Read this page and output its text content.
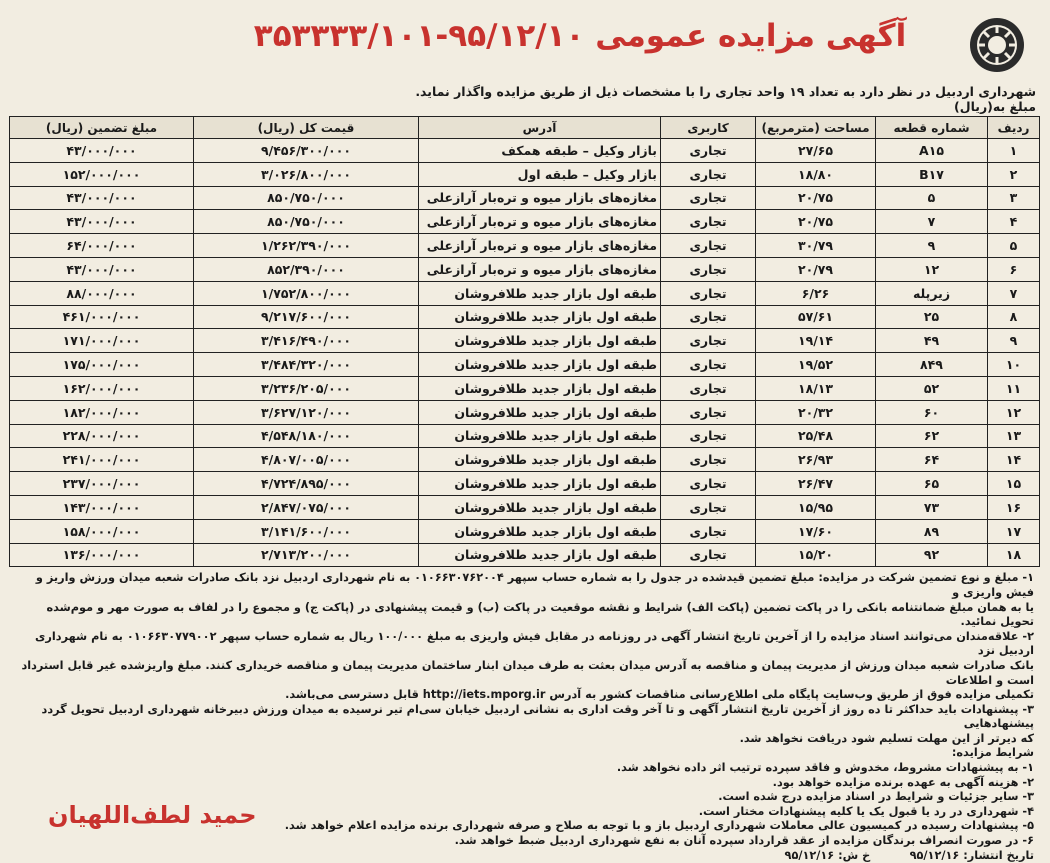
آگهی مزایده عمومی ۹۵/۱۲/۱۰-۳۵۳۳۳۳/۱۰۱
شهرداری اردبیل در نظر دارد به تعداد ۱۹ واحد تجاری را با مشخصات ذیل از طریق مزایده واگذار نماید.
مبلغ به(ریال)
ردیف	شماره قطعه	مساحت (مترمربع)	کاربری	آدرس	قیمت کل (ریال)	مبلغ تضمین (ریال)
۱	A۱۵	۲۷/۶۵	تجاری	بازار وکیل – طبقه همکف	۹/۴۵۶/۳۰۰/۰۰۰	۴۳/۰۰۰/۰۰۰
۲	B۱۷	۱۸/۸۰	تجاری	بازار وکیل – طبقه اول	۳/۰۲۶/۸۰۰/۰۰۰	۱۵۲/۰۰۰/۰۰۰
۳	۵	۲۰/۷۵	تجاری	مغازه‌های بازار میوه و تره‌بار آرازعلی	۸۵۰/۷۵۰/۰۰۰	۴۳/۰۰۰/۰۰۰
۴	۷	۲۰/۷۵	تجاری	مغازه‌های بازار میوه و تره‌بار آرازعلی	۸۵۰/۷۵۰/۰۰۰	۴۳/۰۰۰/۰۰۰
۵	۹	۳۰/۷۹	تجاری	مغازه‌های بازار میوه و تره‌بار آرازعلی	۱/۲۶۲/۳۹۰/۰۰۰	۶۴/۰۰۰/۰۰۰
۶	۱۲	۲۰/۷۹	تجاری	مغازه‌های بازار میوه و تره‌بار آرازعلی	۸۵۲/۳۹۰/۰۰۰	۴۳/۰۰۰/۰۰۰
۷	زیرپله	۶/۲۶	تجاری	طبقه اول بازار جدید طلافروشان	۱/۷۵۲/۸۰۰/۰۰۰	۸۸/۰۰۰/۰۰۰
۸	۲۵	۵۷/۶۱	تجاری	طبقه اول بازار جدید طلافروشان	۹/۲۱۷/۶۰۰/۰۰۰	۴۶۱/۰۰۰/۰۰۰
۹	۴۹	۱۹/۱۴	تجاری	طبقه اول بازار جدید طلافروشان	۳/۴۱۶/۴۹۰/۰۰۰	۱۷۱/۰۰۰/۰۰۰
۱۰	۸۴۹	۱۹/۵۲	تجاری	طبقه اول بازار جدید طلافروشان	۳/۴۸۴/۳۲۰/۰۰۰	۱۷۵/۰۰۰/۰۰۰
۱۱	۵۲	۱۸/۱۳	تجاری	طبقه اول بازار جدید طلافروشان	۳/۲۳۶/۲۰۵/۰۰۰	۱۶۲/۰۰۰/۰۰۰
۱۲	۶۰	۲۰/۳۲	تجاری	طبقه اول بازار جدید طلافروشان	۳/۶۲۷/۱۲۰/۰۰۰	۱۸۲/۰۰۰/۰۰۰
۱۳	۶۲	۲۵/۴۸	تجاری	طبقه اول بازار جدید طلافروشان	۴/۵۴۸/۱۸۰/۰۰۰	۲۲۸/۰۰۰/۰۰۰
۱۴	۶۴	۲۶/۹۳	تجاری	طبقه اول بازار جدید طلافروشان	۴/۸۰۷/۰۰۵/۰۰۰	۲۴۱/۰۰۰/۰۰۰
۱۵	۶۵	۲۶/۴۷	تجاری	طبقه اول بازار جدید طلافروشان	۴/۷۲۴/۸۹۵/۰۰۰	۲۳۷/۰۰۰/۰۰۰
۱۶	۷۳	۱۵/۹۵	تجاری	طبقه اول بازار جدید طلافروشان	۲/۸۴۷/۰۷۵/۰۰۰	۱۴۳/۰۰۰/۰۰۰
۱۷	۸۹	۱۷/۶۰	تجاری	طبقه اول بازار جدید طلافروشان	۳/۱۴۱/۶۰۰/۰۰۰	۱۵۸/۰۰۰/۰۰۰
۱۸	۹۲	۱۵/۲۰	تجاری	طبقه اول بازار جدید طلافروشان	۲/۷۱۳/۲۰۰/۰۰۰	۱۳۶/۰۰۰/۰۰۰

۱- مبلغ و نوع تضمین شرکت در مزایده: مبلغ تضمین قیدشده در جدول را به شماره حساب سپهر ۰۱۰۶۶۳۰۷۶۲۰۰۴ به نام شهرداری اردبیل نزد بانک صادرات شعبه میدان ورزش واریز و فیش واریزی و

یا به همان مبلغ ضمانتنامه بانکی را در پاکت تضمین (پاکت الف) شرایط و نقشه موقعیت در پاکت (ب) و قیمت پیشنهادی در (پاکت ج) و مجموع را در لفاف به صورت مهر و موم‌شده تحویل نمائید.

۲- علاقه‌مندان می‌توانند اسناد مزایده را از آخرین تاریخ انتشار آگهی در روزنامه در مقابل فیش واریزی به مبلغ ۱۰۰/۰۰۰ ریال به شماره حساب سپهر ۰۱۰۶۶۳۰۷۷۹۰۰۲ به نام شهرداری اردبیل نزد

بانک صادرات شعبه میدان ورزش از مدیریت پیمان و مناقصه به آدرس میدان بعثت به طرف میدان ابنار ساختمان مدیریت پیمان و مناقصه خریداری کنند. مبلغ واریزشده غیر قابل استرداد است و اطلاعات

تکمیلی مزایده فوق از طریق وب‌سایت پایگاه ملی اطلاع‌رسانی مناقصات کشور به آدرس http://iets.mporg.ir قابل دسترسی می‌باشد.

۳- پیشنهادات باید حداکثر تا ده روز از آخرین تاریخ انتشار آگهی و تا آخر وقت اداری به نشانی اردبیل خیابان سی‌ام تیر نرسیده به میدان ورزش دبیرخانه شهرداری اردبیل تحویل گردد پیشنهادهایی

که دیرتر از این مهلت تسلیم شود دریافت نخواهد شد.

شرایط مزایده:

۱- به پیشنهادات مشروط، مخدوش و فاقد سپرده ترتیب اثر داده نخواهد شد.

۲- هزینه آگهی به عهده برنده مزایده خواهد بود.

۳- سایر جزئیات و شرایط در اسناد مزایده درج شده است.

۴- شهرداری در رد یا قبول یک یا کلیه پیشنهادات مختار است.

۵- پیشنهادات رسیده در کمیسیون عالی معاملات شهرداری اردبیل باز و با توجه به صلاح و صرفه شهرداری برنده مزایده اعلام خواهد شد.

۶- در صورت انصراف برندگان مزایده از عقد قرارداد سپرده آنان به نفع شهرداری اردبیل ضبط خواهد شد.

تاریخ انتشار: ۹۵/۱۲/۱۶          خ ش: ۹۵/۱۲/۱۶

حمید لطف‌اللهیان
